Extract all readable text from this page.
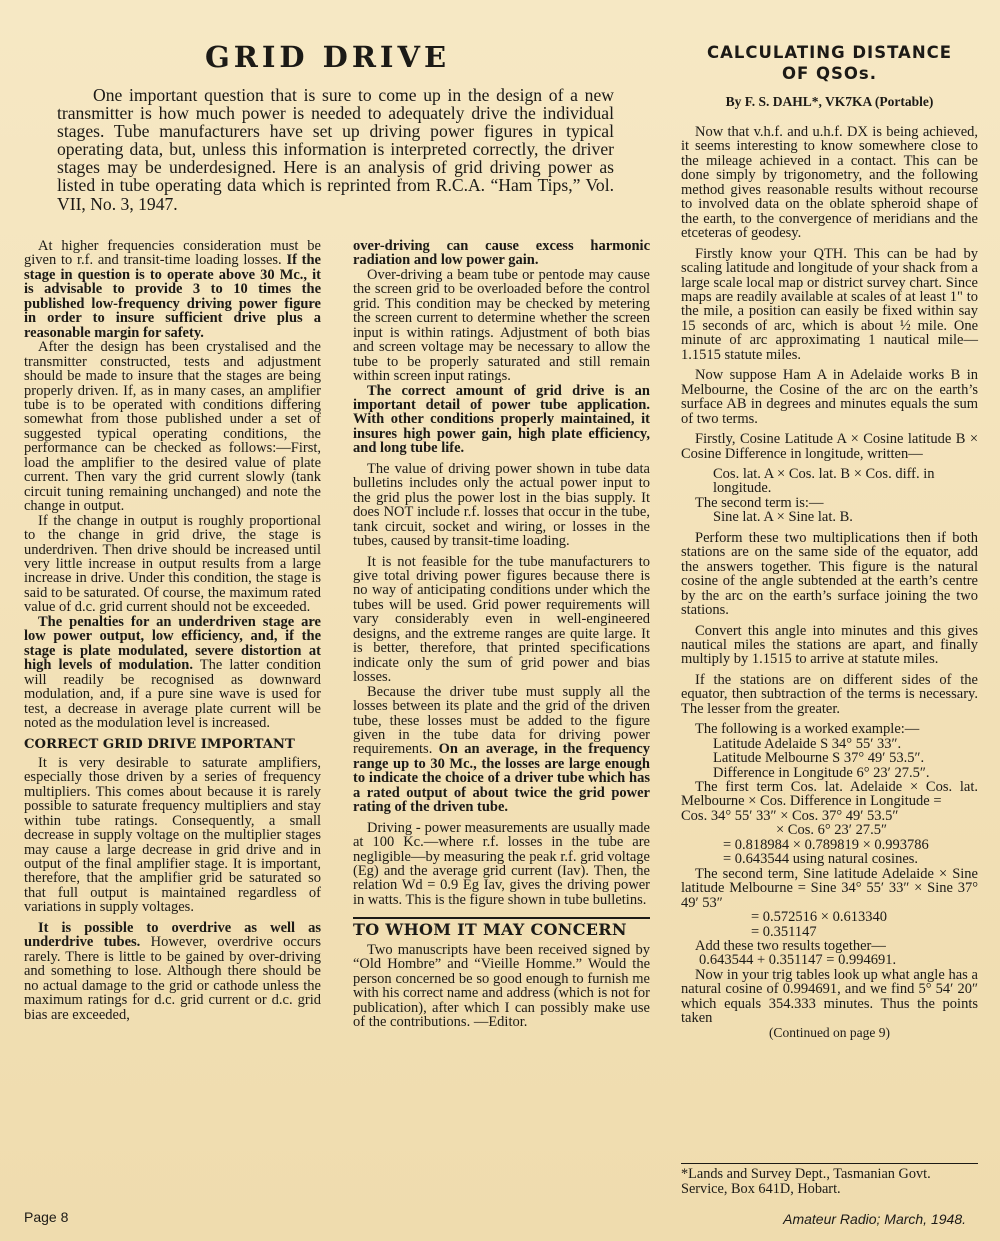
GRID DRIVE

One important question that is sure to come up in the design of a new transmitter is how much power is needed to adequately drive the individual stages. Tube manufacturers have set up driving power figures in typical operating data, but, unless this information is interpreted correctly, the driver stages may be underdesigned. Here is an analysis of grid driving power as listed in tube operating data which is reprinted from R.C.A. “Ham Tips,” Vol. VII, No. 3, 1947.

At higher frequencies consideration must be given to r.f. and transit-time loading losses. If the stage in question is to operate above 30 Mc., it is advisable to provide 3 to 10 times the published low-frequency driving power figure in order to insure sufficient drive plus a reasonable margin for safety.

After the design has been crystalised and the transmitter constructed, tests and adjustment should be made to insure that the stages are being properly driven. If, as in many cases, an amplifier tube is to be operated with conditions differing somewhat from those published under a set of suggested typical operating conditions, the performance can be checked as follows:—First, load the amplifier to the desired value of plate current. Then vary the grid current slowly (tank circuit tuning remaining unchanged) and note the change in output.

If the change in output is roughly proportional to the change in grid drive, the stage is underdriven. Then drive should be increased until very little increase in output results from a large increase in drive. Under this condition, the stage is said to be saturated. Of course, the maximum rated value of d.c. grid current should not be exceeded.

The penalties for an underdriven stage are low power output, low efficiency, and, if the stage is plate modulated, severe distortion at high levels of modulation. The latter condition will readily be recognised as downward modulation, and, if a pure sine wave is used for test, a decrease in average plate current will be noted as the modulation level is increased.

CORRECT GRID DRIVE IMPORTANT

It is very desirable to saturate amplifiers, especially those driven by a series of frequency multipliers. This comes about because it is rarely possible to saturate frequency multipliers and stay within tube ratings. Consequently, a small decrease in supply voltage on the multiplier stages may cause a large decrease in grid drive and in output of the final amplifier stage. It is important, therefore, that the amplifier grid be saturated so that full output is maintained regardless of variations in supply voltages.

It is possible to overdrive as well as underdrive tubes. However, overdrive occurs rarely. There is little to be gained by over-driving and something to lose. Although there should be no actual damage to the grid or cathode unless the maximum ratings for d.c. grid current or d.c. grid bias are exceeded,

over-driving can cause excess harmonic radiation and low power gain.

Over-driving a beam tube or pentode may cause the screen grid to be overloaded before the control grid. This condition may be checked by metering the screen current to determine whether the screen input is within ratings. Adjustment of both bias and screen voltage may be necessary to allow the tube to be properly saturated and still remain within screen input ratings.

The correct amount of grid drive is an important detail of power tube application. With other conditions properly maintained, it insures high power gain, high plate efficiency, and long tube life.

The value of driving power shown in tube data bulletins includes only the actual power input to the grid plus the power lost in the bias supply. It does NOT include r.f. losses that occur in the tube, tank circuit, socket and wiring, or losses in the tubes, caused by transit-time loading.

It is not feasible for the tube manufacturers to give total driving power figures because there is no way of anticipating conditions under which the tubes will be used. Grid power requirements will vary considerably even in well-engineered designs, and the extreme ranges are quite large. It is better, therefore, that printed specifications indicate only the sum of grid power and bias losses.

Because the driver tube must supply all the losses between its plate and the grid of the driven tube, these losses must be added to the figure given in the tube data for driving power requirements. On an average, in the frequency range up to 30 Mc., the losses are large enough to indicate the choice of a driver tube which has a rated output of about twice the grid power rating of the driven tube.

Driving - power measurements are usually made at 100 Kc.—where r.f. losses in the tube are negligible—by measuring the peak r.f. grid voltage (Eg) and the average grid current (Iav). Then, the relation Wd = 0.9 Eg Iav, gives the driving power in watts. This is the figure shown in tube bulletins.

TO WHOM IT MAY CONCERN

Two manuscripts have been received signed by “Old Hombre” and “Vieille Homme.” Would the person concerned be so good enough to furnish me with his correct name and address (which is not for publication), after which I can possibly make use of the contributions. —Editor.

CALCULATING DISTANCE
OF QSOs.

By F. S. DAHL*, VK7KA (Portable)

Now that v.h.f. and u.h.f. DX is being achieved, it seems interesting to know somewhere close to the mileage achieved in a contact. This can be done simply by trigonometry, and the following method gives reasonable results without recourse to involved data on the oblate spheroid shape of the earth, to the convergence of meridians and the etceteras of geodesy.

Firstly know your QTH. This can be had by scaling latitude and longitude of your shack from a large scale local map or district survey chart. Since maps are readily available at scales of at least 1" to the mile, a position can easily be fixed within say 15 seconds of arc, which is about ½ mile. One minute of arc approximating 1 nautical mile—1.1515 statute miles.

Now suppose Ham A in Adelaide works B in Melbourne, the Cosine of the arc on the earth’s surface AB in degrees and minutes equals the sum of two terms.

Firstly, Cosine Latitude A × Cosine latitude B × Cosine Difference in longitude, written—

Cos. lat. A × Cos. lat. B × Cos. diff. in longitude.

The second term is:—

Sine lat. A × Sine lat. B.

Perform these two multiplications then if both stations are on the same side of the equator, add the answers together. This figure is the natural cosine of the angle subtended at the earth’s centre by the arc on the earth’s surface joining the two stations.

Convert this angle into minutes and this gives nautical miles the stations are apart, and finally multiply by 1.1515 to arrive at statute miles.

If the stations are on different sides of the equator, then subtraction of the terms is necessary. The lesser from the greater.

The following is a worked example:—

Latitude Adelaide S 34° 55′ 33″.

Latitude Melbourne S 37° 49′ 53.5″.

Difference in Longitude 6° 23′ 27.5″.

The first term Cos. lat. Adelaide × Cos. lat. Melbourne × Cos. Difference in Longitude =

Cos. 34° 55′ 33″ × Cos. 37° 49′ 53.5″

× Cos. 6° 23′ 27.5″

= 0.818984 × 0.789819 × 0.993786

= 0.643544 using natural cosines.

The second term, Sine latitude Adelaide × Sine latitude Melbourne = Sine 34° 55′ 33″ × Sine 37° 49′ 53″

= 0.572516 × 0.613340

= 0.351147

Add these two results together—

0.643544 + 0.351147 = 0.994691.

Now in your trig tables look up what angle has a natural cosine of 0.994691, and we find 5° 54′ 20″ which equals 354.333 minutes. Thus the points taken

(Continued on page 9)

*Lands and Survey Dept., Tasmanian Govt. Service, Box 641D, Hobart.

Page 8	Amateur Radio; March, 1948.
